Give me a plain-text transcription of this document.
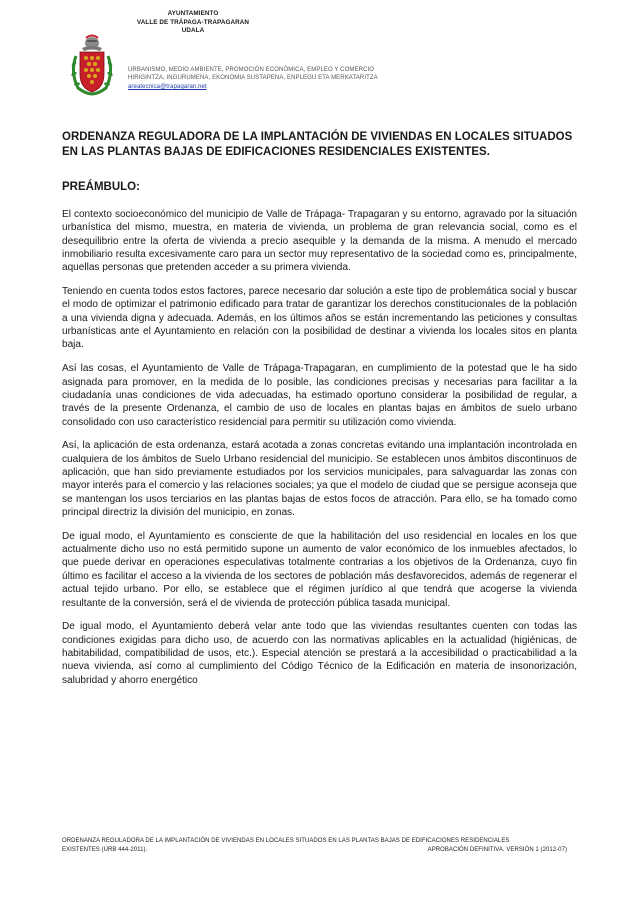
AYUNTAMIENTO
VALLE DE TRÁPAGA-TRAPAGARAN
UDALA
URBANISMO, MEDIO AMBIENTE, PROMOCIÓN ECONÓMICA, EMPLEO Y COMERCIO
HIRIGINTZA, INGURUMENA, EKONOMIA SUSTAPENA, ENPLEGU ETA MERKATARITZA
areatecnica@trapagaran.net
ORDENANZA REGULADORA DE LA IMPLANTACIÓN DE VIVIENDAS EN LOCALES SITUADOS EN LAS PLANTAS BAJAS DE EDIFICACIONES RESIDENCIALES EXISTENTES.
PREÁMBULO:

El contexto socioeconómico del municipio de Valle de Trápaga- Trapagaran y su entorno, agravado por la situación urbanística del mismo, muestra, en materia de vivienda, un problema de gran relevancia social, como es el desequilibrio entre la oferta de vivienda a precio asequible y la demanda de la misma. A menudo el mercado inmobiliario resulta excesivamente caro para un sector muy representativo de la sociedad como es, principalmente, aquellas personas que pretenden acceder a su primera vivienda.

Teniendo en cuenta todos estos factores, parece necesario dar solución a este tipo de problemática social y buscar el modo de optimizar el patrimonio edificado para tratar de garantizar los derechos constitucionales de la población a una vivienda digna y adecuada. Además, en los últimos años se están incrementando las peticiones y consultas urbanísticas ante el Ayuntamiento en relación con la posibilidad de destinar a vivienda los locales sitos en planta baja.

Así las cosas, el Ayuntamiento de Valle de Trápaga-Trapagaran, en cumplimiento de la potestad que le ha sido asignada para promover, en la medida de lo posible, las condiciones precisas y necesarias para facilitar a la ciudadanía unas condiciones de vida adecuadas, ha estimado oportuno considerar la posibilidad de regular, a través de la presente Ordenanza, el cambio de uso de locales en plantas bajas en ámbitos de suelo urbano consolidado con uso característico residencial para permitir su utilización como vivienda.

Así, la aplicación de esta ordenanza, estará acotada a zonas concretas evitando una implantación incontrolada en cualquiera de los ámbitos de Suelo Urbano residencial del municipio. Se establecen unos ámbitos discontinuos de aplicación, que han sido previamente estudiados por los servicios municipales, para salvaguardar las zonas con mayor interés para el comercio y las relaciones sociales; ya que el modelo de ciudad que se persigue aconseja que se mantengan los usos terciarios en las plantas bajas de estos focos de atracción. Para ello, se ha tomado como principal directriz la división del municipio, en zonas.

De igual modo, el Ayuntamiento es consciente de que la habilitación del uso residencial en locales en los que actualmente dicho uso no está permitido supone un aumento de valor económico de los inmuebles afectados, lo que puede derivar en operaciones especulativas totalmente contrarias a los objetivos de la Ordenanza, cuyo fin último es facilitar el acceso a la vivienda de los sectores de población más desfavorecidos, además de regenerar el actual tejido urbano. Por ello, se establece que el régimen jurídico al que tendrá que acogerse la vivienda resultante de la conversión, será el de vivienda de protección pública tasada municipal.

De igual modo, el Ayuntamiento deberá velar ante todo que las viviendas resultantes cuenten con todas las condiciones exigidas para dicho uso, de acuerdo con las normativas aplicables en la actualidad (higiénicas, de habitabilidad, compatibilidad de usos, etc.). Especial atención se prestará a la accesibilidad o practicabilidad a la nueva vivienda, así como al cumplimiento del Código Técnico de la Edificación en materia de insonorización, salubridad y ahorro energético

ORDENANZA REGULADORA DE LA IMPLANTACIÓN DE VIVIENDAS EN LOCALES SITUADOS EN LAS PLANTAS BAJAS DE EDIFICACIONES RESIDENCIALES
EXISTENTES (URB 444-2011).	APROBACIÓN DEFINITIVA. VERSIÓN 1 (2012-07)
